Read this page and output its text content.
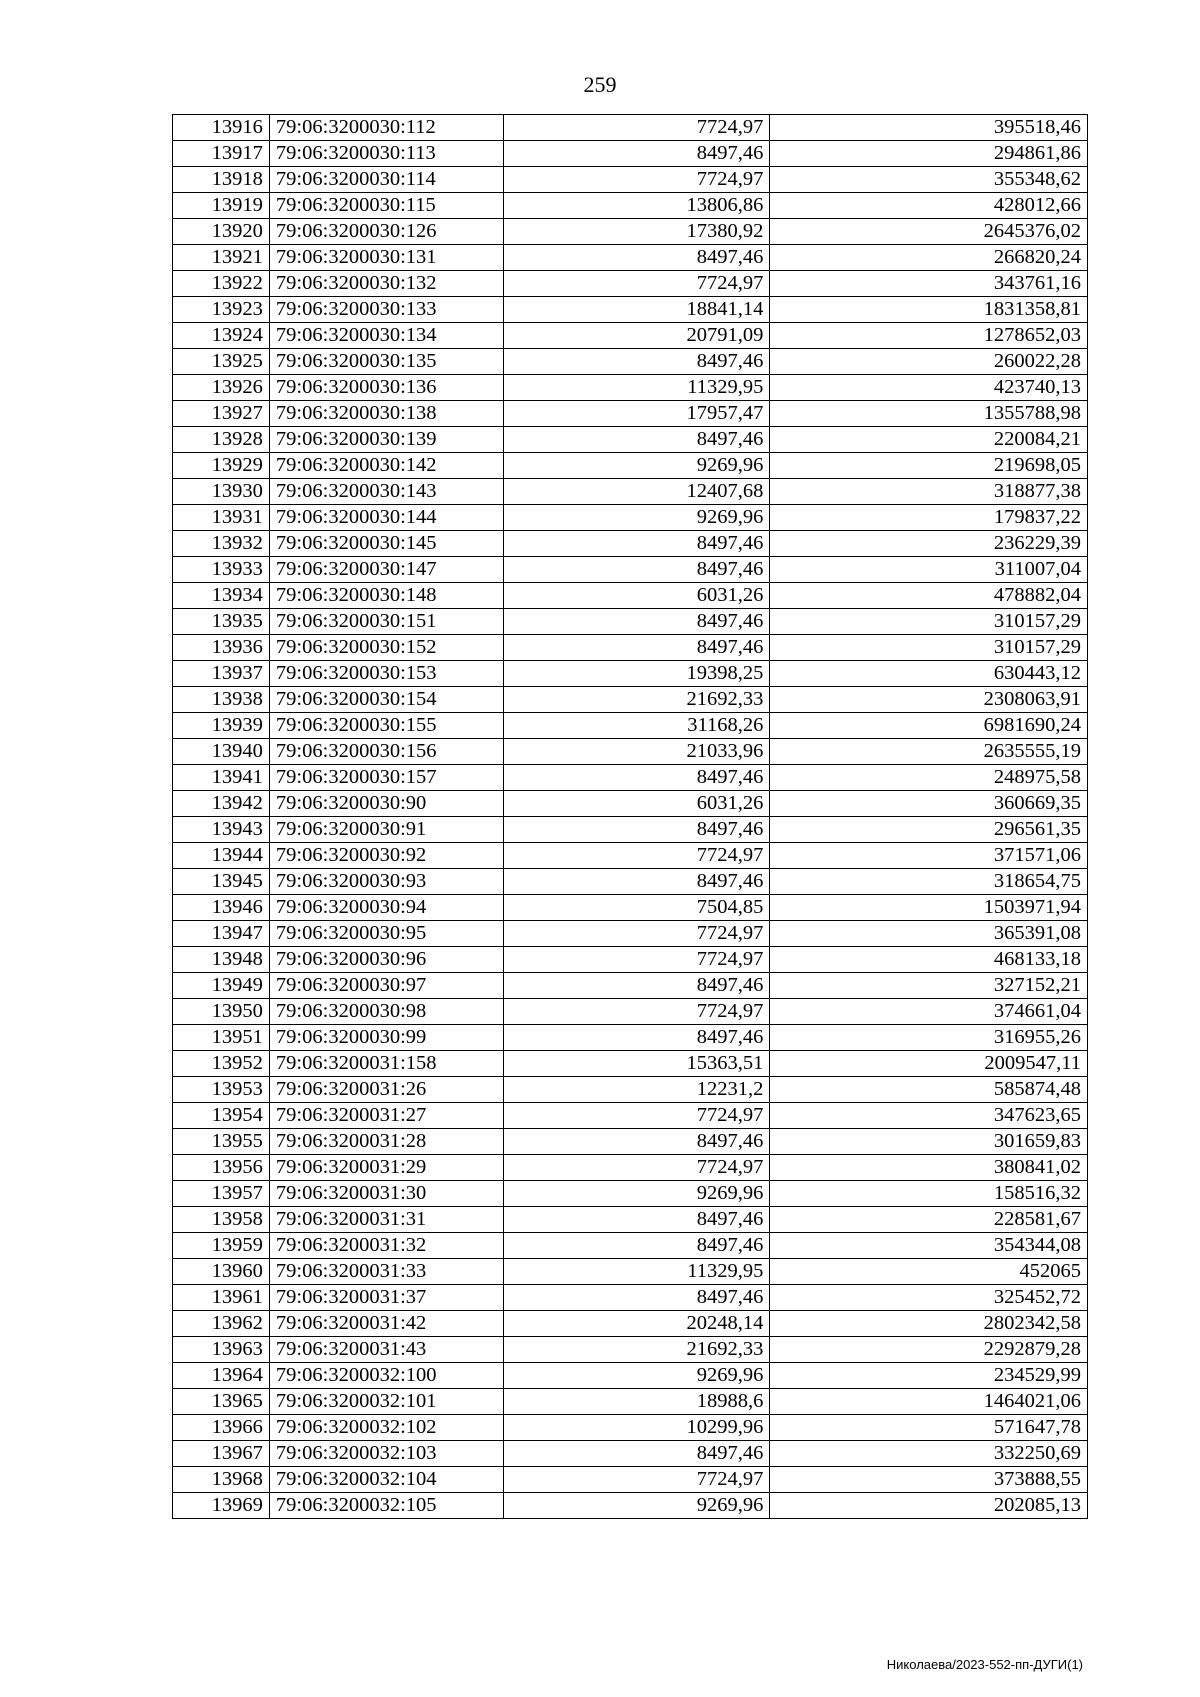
259
13916	79:06:3200030:112	7724,97	395518,46
13917	79:06:3200030:113	8497,46	294861,86
13918	79:06:3200030:114	7724,97	355348,62
13919	79:06:3200030:115	13806,86	428012,66
13920	79:06:3200030:126	17380,92	2645376,02
13921	79:06:3200030:131	8497,46	266820,24
13922	79:06:3200030:132	7724,97	343761,16
13923	79:06:3200030:133	18841,14	1831358,81
13924	79:06:3200030:134	20791,09	1278652,03
13925	79:06:3200030:135	8497,46	260022,28
13926	79:06:3200030:136	11329,95	423740,13
13927	79:06:3200030:138	17957,47	1355788,98
13928	79:06:3200030:139	8497,46	220084,21
13929	79:06:3200030:142	9269,96	219698,05
13930	79:06:3200030:143	12407,68	318877,38
13931	79:06:3200030:144	9269,96	179837,22
13932	79:06:3200030:145	8497,46	236229,39
13933	79:06:3200030:147	8497,46	311007,04
13934	79:06:3200030:148	6031,26	478882,04
13935	79:06:3200030:151	8497,46	310157,29
13936	79:06:3200030:152	8497,46	310157,29
13937	79:06:3200030:153	19398,25	630443,12
13938	79:06:3200030:154	21692,33	2308063,91
13939	79:06:3200030:155	31168,26	6981690,24
13940	79:06:3200030:156	21033,96	2635555,19
13941	79:06:3200030:157	8497,46	248975,58
13942	79:06:3200030:90	6031,26	360669,35
13943	79:06:3200030:91	8497,46	296561,35
13944	79:06:3200030:92	7724,97	371571,06
13945	79:06:3200030:93	8497,46	318654,75
13946	79:06:3200030:94	7504,85	1503971,94
13947	79:06:3200030:95	7724,97	365391,08
13948	79:06:3200030:96	7724,97	468133,18
13949	79:06:3200030:97	8497,46	327152,21
13950	79:06:3200030:98	7724,97	374661,04
13951	79:06:3200030:99	8497,46	316955,26
13952	79:06:3200031:158	15363,51	2009547,11
13953	79:06:3200031:26	12231,2	585874,48
13954	79:06:3200031:27	7724,97	347623,65
13955	79:06:3200031:28	8497,46	301659,83
13956	79:06:3200031:29	7724,97	380841,02
13957	79:06:3200031:30	9269,96	158516,32
13958	79:06:3200031:31	8497,46	228581,67
13959	79:06:3200031:32	8497,46	354344,08
13960	79:06:3200031:33	11329,95	452065
13961	79:06:3200031:37	8497,46	325452,72
13962	79:06:3200031:42	20248,14	2802342,58
13963	79:06:3200031:43	21692,33	2292879,28
13964	79:06:3200032:100	9269,96	234529,99
13965	79:06:3200032:101	18988,6	1464021,06
13966	79:06:3200032:102	10299,96	571647,78
13967	79:06:3200032:103	8497,46	332250,69
13968	79:06:3200032:104	7724,97	373888,55
13969	79:06:3200032:105	9269,96	202085,13
Николаева/2023-552-пп-ДУГИ(1)
